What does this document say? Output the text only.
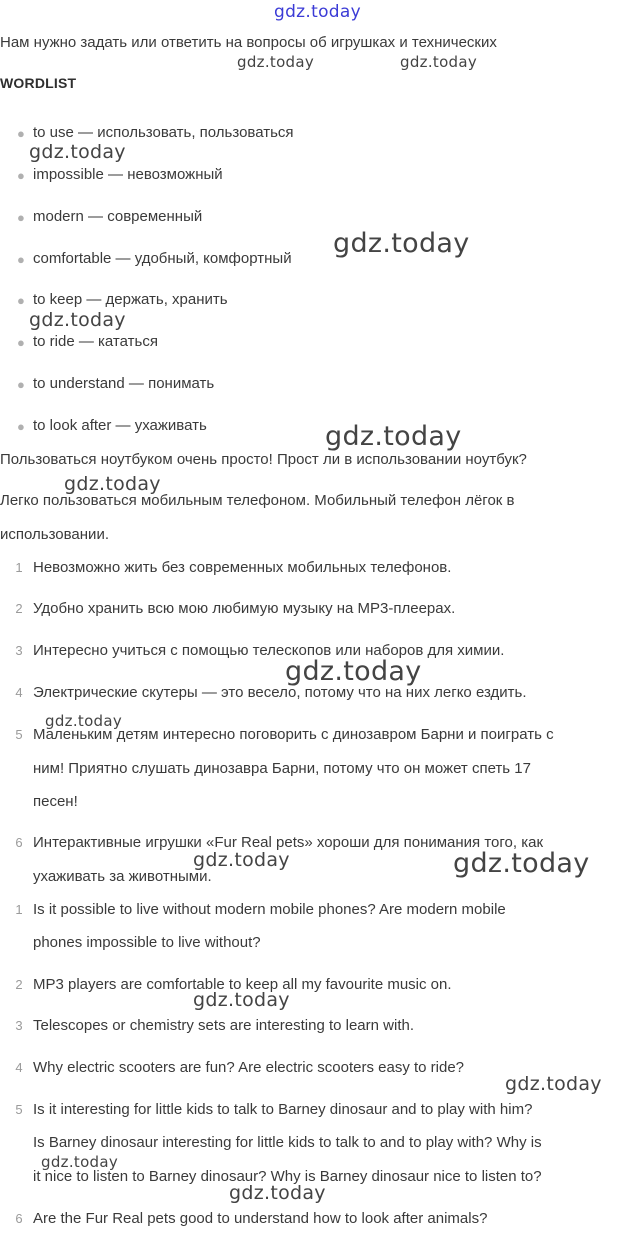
Нам нужно задать или ответить на вопросы об игрушках и технических
WORDLIST
● to use — использовать, пользоваться
● impossible — невозможный
● modern — современный
● comfortable — удобный, комфортный
● to keep — держать, хранить
● to ride — кататься
● to understand — понимать
● to look after — ухаживать
Пользоваться ноутбуком очень просто! Прост ли в использовании ноутбук?
Легко пользоваться мобильным телефоном. Мобильный телефон лёгок в
использовании.
1 Невозможно жить без современных мобильных телефонов.
2 Удобно хранить всю мою любимую музыку на MP3-плеерах.
3 Интересно учиться с помощью телескопов или наборов для химии.
4 Электрические скутеры — это весело, потому что на них легко ездить.
5 Маленьким детям интересно поговорить с динозавром Барни и поиграть с
ним! Приятно слушать динозавра Барни, потому что он может спеть 17
песен!
6 Интерактивные игрушки «Fur Real pets» хороши для понимания того, как
ухаживать за животными.
1 Is it possible to live without modern mobile phones? Are modern mobile
phones impossible to live without?
2 MP3 players are comfortable to keep all my favourite music on.
3 Telescopes or chemistry sets are interesting to learn with.
4 Why electric scooters are fun? Are electric scooters easy to ride?
5 Is it interesting for little kids to talk to Barney dinosaur and to play with him?
Is Barney dinosaur interesting for little kids to talk to and to play with? Why is
it nice to listen to Barney dinosaur? Why is Barney dinosaur nice to listen to?
6 Are the Fur Real pets good to understand how to look after animals?
gdz.today
gdz.today	gdz.today
gdz.today
gdz.today
gdz.today
gdz.today
gdz.today
gdz.today
gdz.today
gdz.today	gdz.today
gdz.today
gdz.today
gdz.today
gdz.today
